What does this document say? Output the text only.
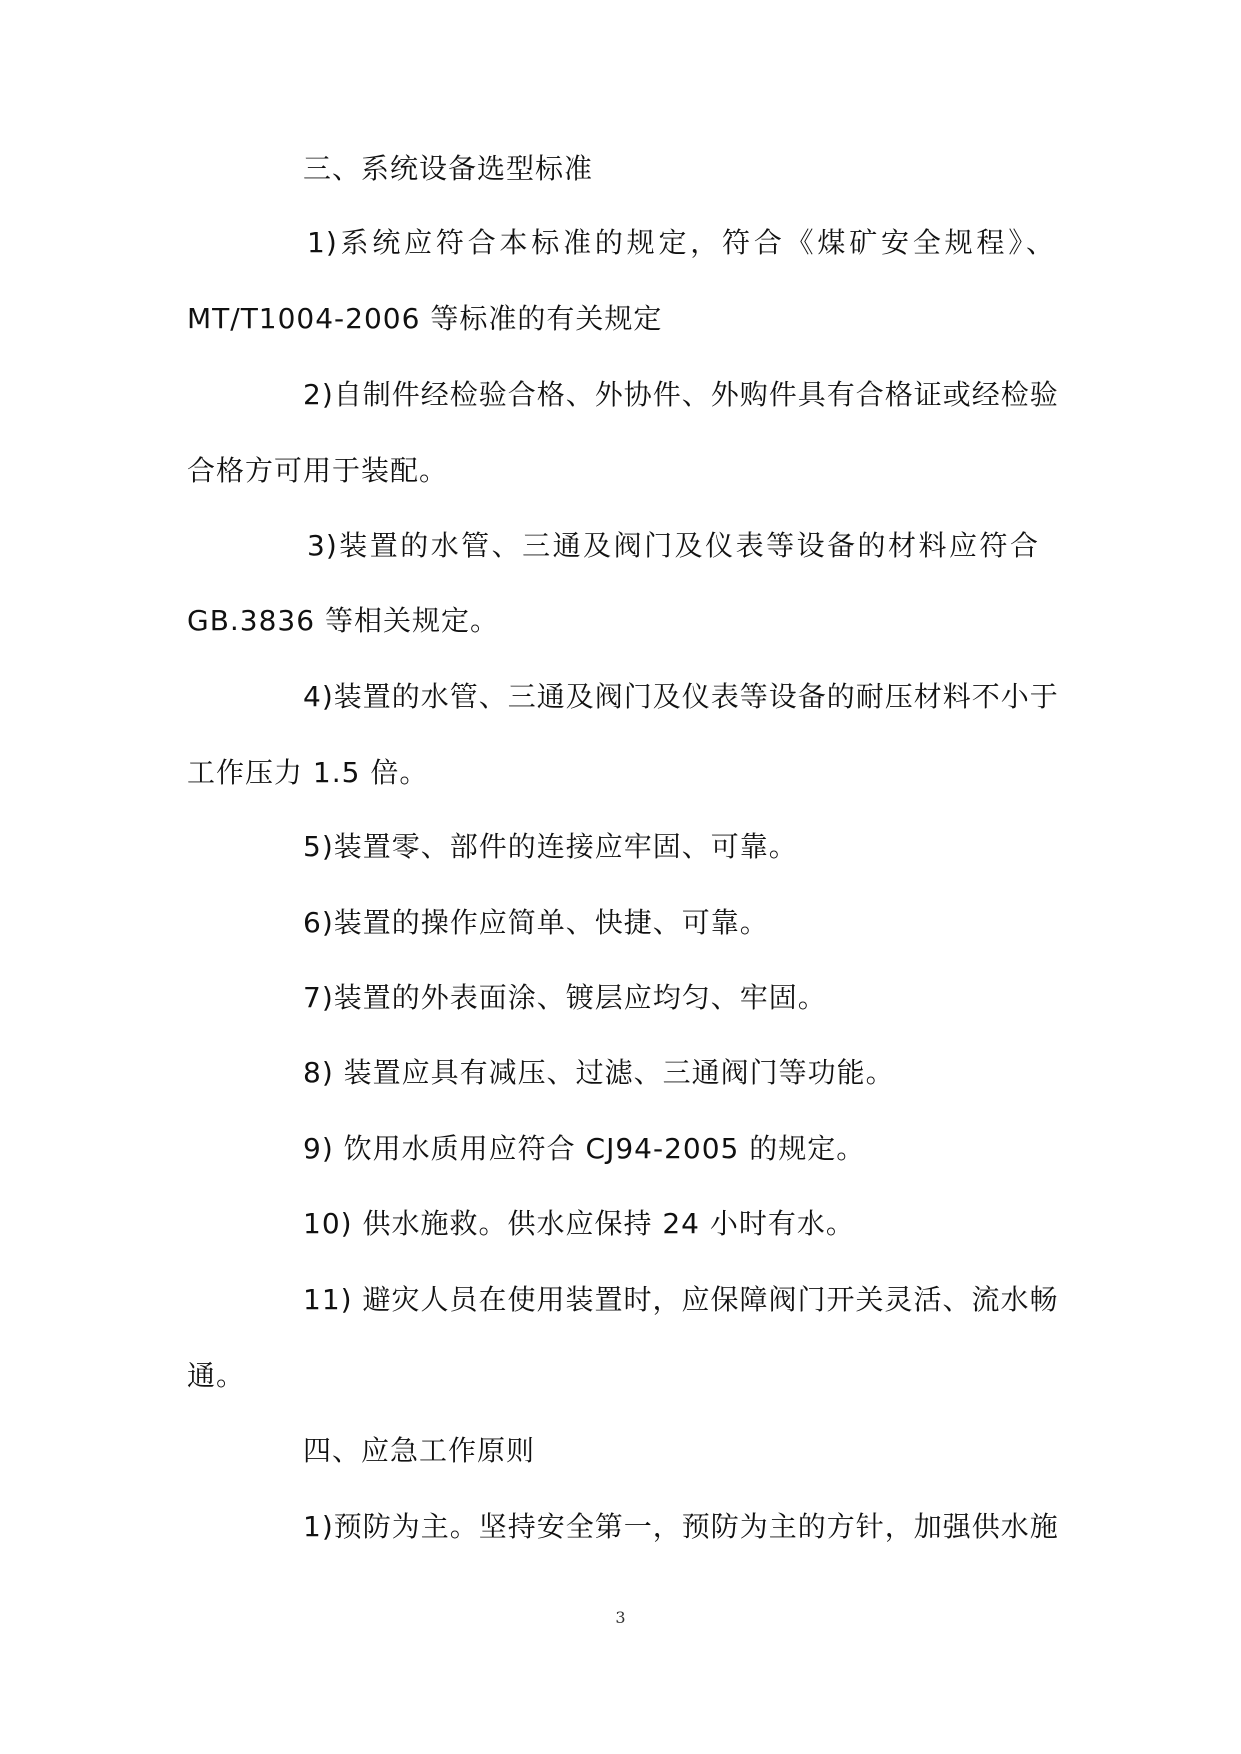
三、系统设备选型标准
1)系统应符合本标准的规定，符合《煤矿安全规程》、
MT/T1004-2006 等标准的有关规定
2)自制件经检验合格、外协件、外购件具有合格证或经检验
合格方可用于装配。
3)装置的水管、三通及阀门及仪表等设备的材料应符合
GB.3836 等相关规定。
4)装置的水管、三通及阀门及仪表等设备的耐压材料不小于
工作压力 1.5 倍。
5)装置零、部件的连接应牢固、可靠。
6)装置的操作应简单、快捷、可靠。
7)装置的外表面涂、镀层应均匀、牢固。
8) 装置应具有减压、过滤、三通阀门等功能。
9) 饮用水质用应符合 CJ94-2005 的规定。
10) 供水施救。供水应保持 24 小时有水。
11) 避灾人员在使用装置时，应保障阀门开关灵活、流水畅
通。
四、应急工作原则
1)预防为主。坚持安全第一，预防为主的方针，加强供水施
3
